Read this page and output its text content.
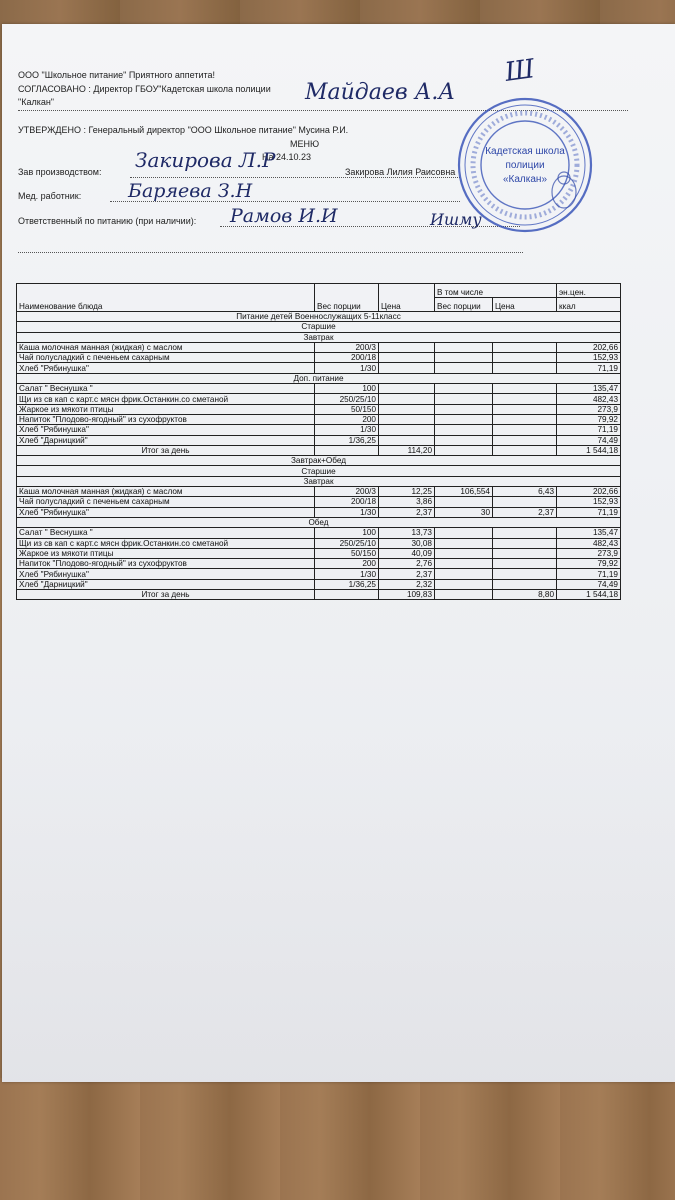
ООО "Школьное питание" Приятного аппетита!
СОГЛАСОВАНО : Директор ГБОУ"Кадетская школа полиции
"Калкан"
УТВЕРЖДЕНО : Генеральный директор "ООО Школьное питание" Мусина Р.И.
МЕНЮ
На 24.10.23
Зав производством:	Закирова Лилия Раисовна
Мед. работник:
Ответственный по питанию (при наличии):
Майдаев А.А
Ш
Закирова Л.Р
Баряева З.Н
Рамов И.И	Ишму
Кадетская школа
полиции
«Калкан»
Наименование блюда	Вес порции	Цена	В том числе		эн.цен.
			Вес порции	Цена	ккал
Питание детей Военнослужащих 5-11класс					
Старшие					
Завтрак					
Каша молочная манная (жидкая) с маслом	200/3				202,66
Чай полусладкий с печеньем сахарным	200/18				152,93
Хлеб "Рябинушка"	1/30				71,19
Доп. питание					
Салат " Веснушка "	100				135,47
Щи из св кап с карт.с мясн фрик.Останкин.со сметаной	250/25/10				482,43
Жаркое из мякоти птицы	50/150				273,9
Напиток "Плодово-ягодный" из сухофруктов	200				79,92
Хлеб "Рябинушка"	1/30				71,19
Хлеб "Дарницкий"	1/36,25				74,49
Итог за день		114,20			1 544,18
Завтрак+Обед					
Старшие					
Завтрак					
Каша молочная манная (жидкая) с маслом	200/3	12,25	106,554	6,43	202,66
Чай полусладкий с печеньем сахарным	200/18	3,86			152,93
Хлеб "Рябинушка"	1/30	2,37	30	2,37	71,19
Обед					
Салат " Веснушка "	100	13,73			135,47
Щи из св кап с карт.с мясн фрик.Останкин.со сметаной	250/25/10	30,08			482,43
Жаркое из мякоти птицы	50/150	40,09			273,9
Напиток "Плодово-ягодный" из сухофруктов	200	2,76			79,92
Хлеб "Рябинушка"	1/30	2,37			71,19
Хлеб "Дарницкий"	1/36,25	2,32			74,49
Итог за день		109,83		8,80	1 544,18
